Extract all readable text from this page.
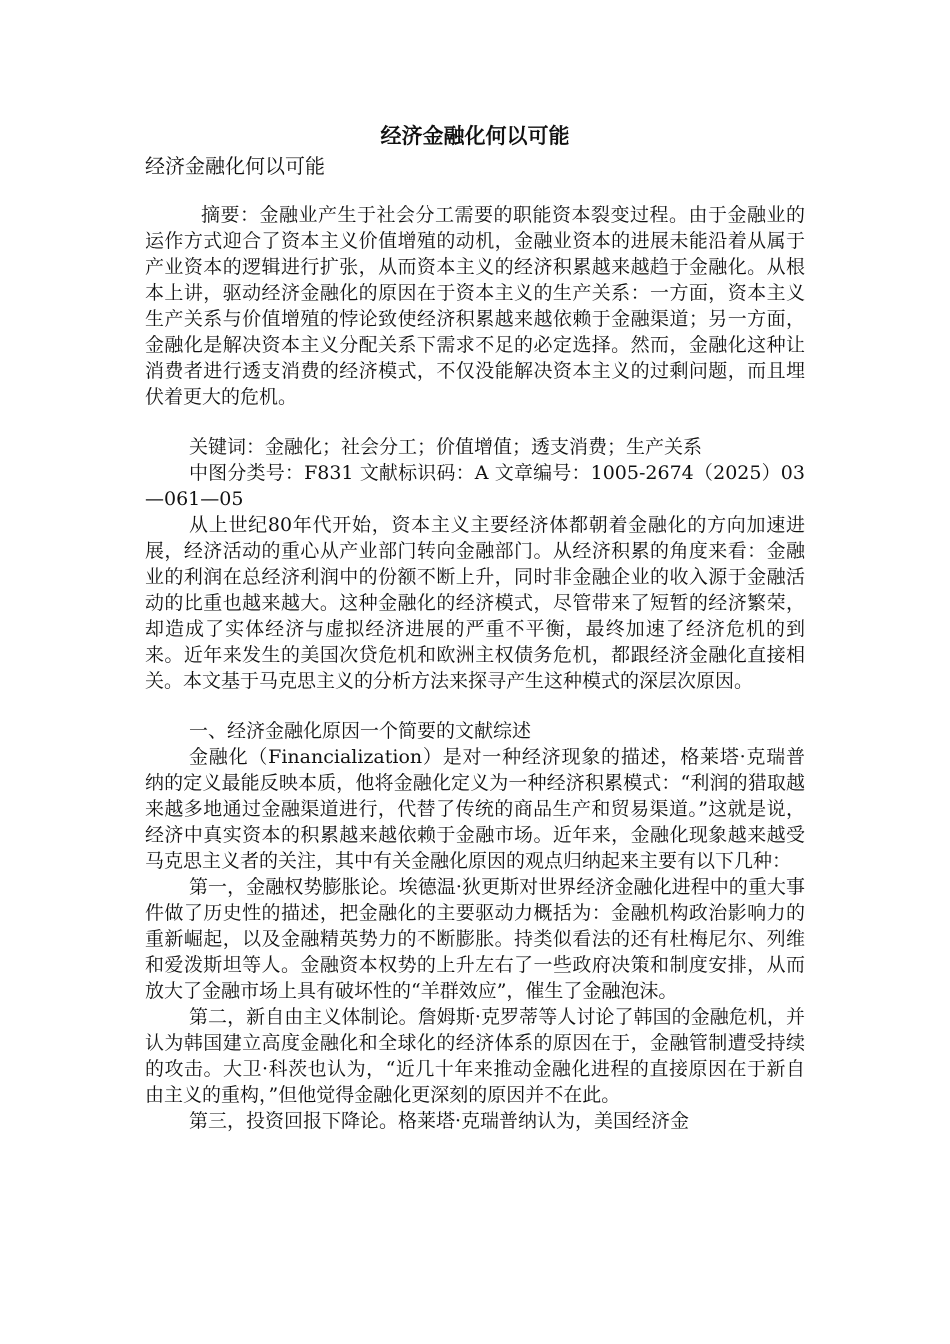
经济金融化何以可能
经济金融化何以可能

摘要：金融业产生于社会分工需要的职能资本裂变过程。由于金融业的运作方式迎合了资本主义价值增殖的动机，金融业资本的进展未能沿着从属于产业资本的逻辑进行扩张，从而资本主义的经济积累越来越趋于金融化。从根本上讲，驱动经济金融化的原因在于资本主义的生产关系：一方面，资本主义生产关系与价值增殖的悖论致使经济积累越来越依赖于金融渠道；另一方面，金融化是解决资本主义分配关系下需求不足的必定选择。然而，金融化这种让消费者进行透支消费的经济模式，不仅没能解决资本主义的过剩问题，而且埋伏着更大的危机。

关键词：金融化；社会分工；价值增值；透支消费；生产关系

中图分类号：F831 文献标识码：A 文章编号：1005-2674（2025）03—061—05

从上世纪80年代开始，资本主义主要经济体都朝着金融化的方向加速进展，经济活动的重心从产业部门转向金融部门。从经济积累的角度来看：金融业的利润在总经济利润中的份额不断上升，同时非金融企业的收入源于金融活动的比重也越来越大。这种金融化的经济模式，尽管带来了短暂的经济繁荣，却造成了实体经济与虚拟经济进展的严重不平衡，最终加速了经济危机的到来。近年来发生的美国次贷危机和欧洲主权债务危机，都跟经济金融化直接相关。本文基于马克思主义的分析方法来探寻产生这种模式的深层次原因。

一、经济金融化原因一个简要的文献综述

金融化（Financialization）是对一种经济现象的描述，格莱塔·克瑞普纳的定义最能反映本质，他将金融化定义为一种经济积累模式：“利润的猎取越来越多地通过金融渠道进行，代替了传统的商品生产和贸易渠道。”这就是说，经济中真实资本的积累越来越依赖于金融市场。近年来，金融化现象越来越受马克思主义者的关注，其中有关金融化原因的观点归纳起来主要有以下几种：

第一，金融权势膨胀论。埃德温·狄更斯对世界经济金融化进程中的重大事件做了历史性的描述，把金融化的主要驱动力概括为：金融机构政治影响力的重新崛起，以及金融精英势力的不断膨胀。持类似看法的还有杜梅尼尔、列维和爱泼斯坦等人。金融资本权势的上升左右了一些政府决策和制度安排，从而放大了金融市场上具有破坏性的“羊群效应”，催生了金融泡沫。

第二，新自由主义体制论。詹姆斯·克罗蒂等人讨论了韩国的金融危机，并认为韩国建立高度金融化和全球化的经济体系的原因在于，金融管制遭受持续的攻击。大卫·科茨也认为，“近几十年来推动金融化进程的直接原因在于新自由主义的重构，”但他觉得金融化更深刻的原因并不在此。

第三，投资回报下降论。格莱塔·克瑞普纳认为，美国经济金
